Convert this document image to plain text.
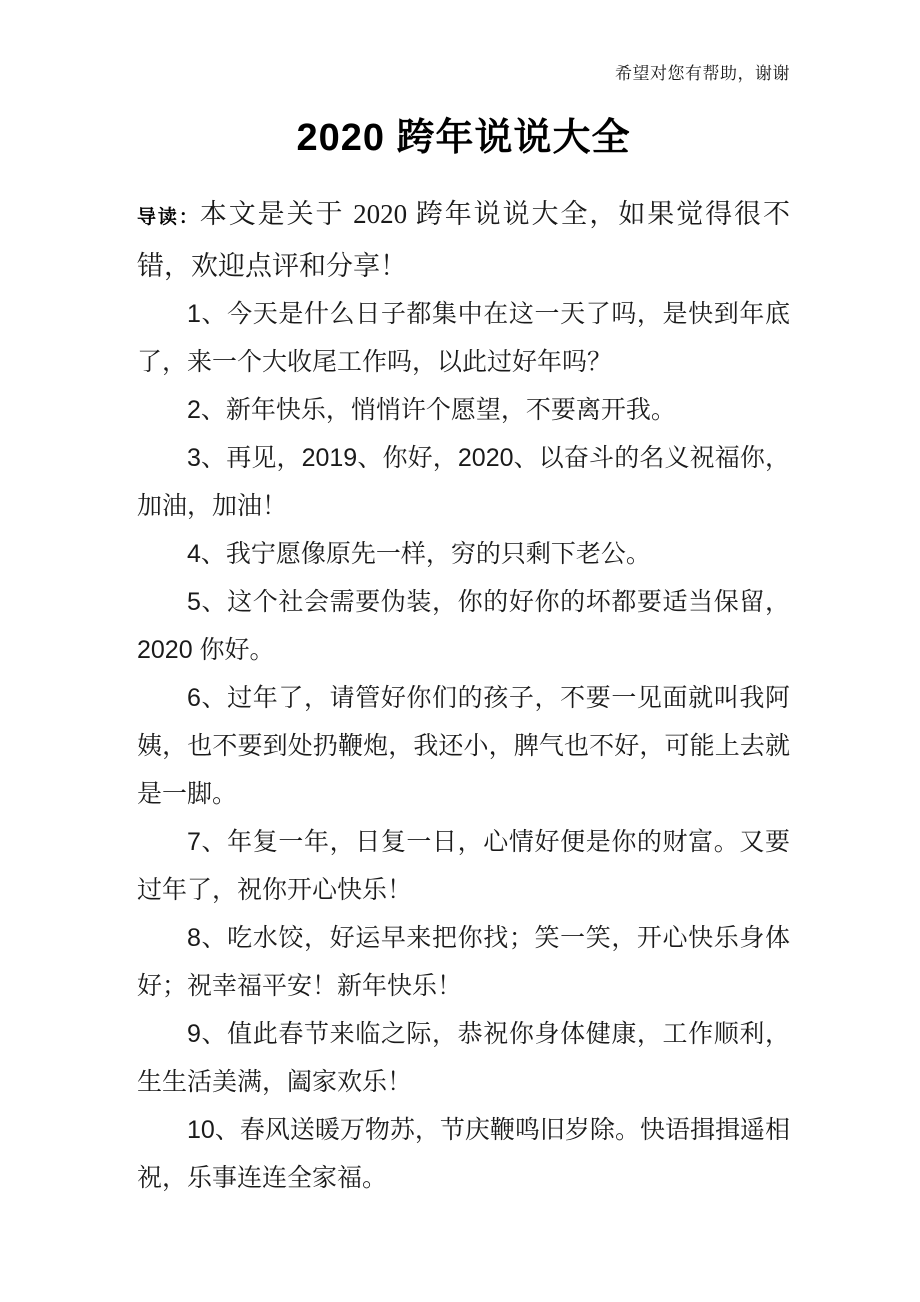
希望对您有帮助，谢谢
2020 跨年说说大全

导读：本文是关于 2020 跨年说说大全，如果觉得很不错，欢迎点评和分享！

1、今天是什么日子都集中在这一天了吗，是快到年底了，来一个大收尾工作吗，以此过好年吗？
2、新年快乐，悄悄许个愿望，不要离开我。
3、再见，2019、你好，2020、以奋斗的名义祝福你，加油，加油！
4、我宁愿像原先一样，穷的只剩下老公。
5、这个社会需要伪装，你的好你的坏都要适当保留，2020 你好。
6、过年了，请管好你们的孩子，不要一见面就叫我阿姨，也不要到处扔鞭炮，我还小，脾气也不好，可能上去就是一脚。
7、年复一年，日复一日，心情好便是你的财富。又要过年了，祝你开心快乐！
8、吃水饺，好运早来把你找；笑一笑，开心快乐身体好；祝幸福平安！新年快乐！
9、值此春节来临之际，恭祝你身体健康，工作顺利，生生活美满，阖家欢乐！
10、春风送暖万物苏，节庆鞭鸣旧岁除。快语揖揖遥相祝，乐事连连全家福。
